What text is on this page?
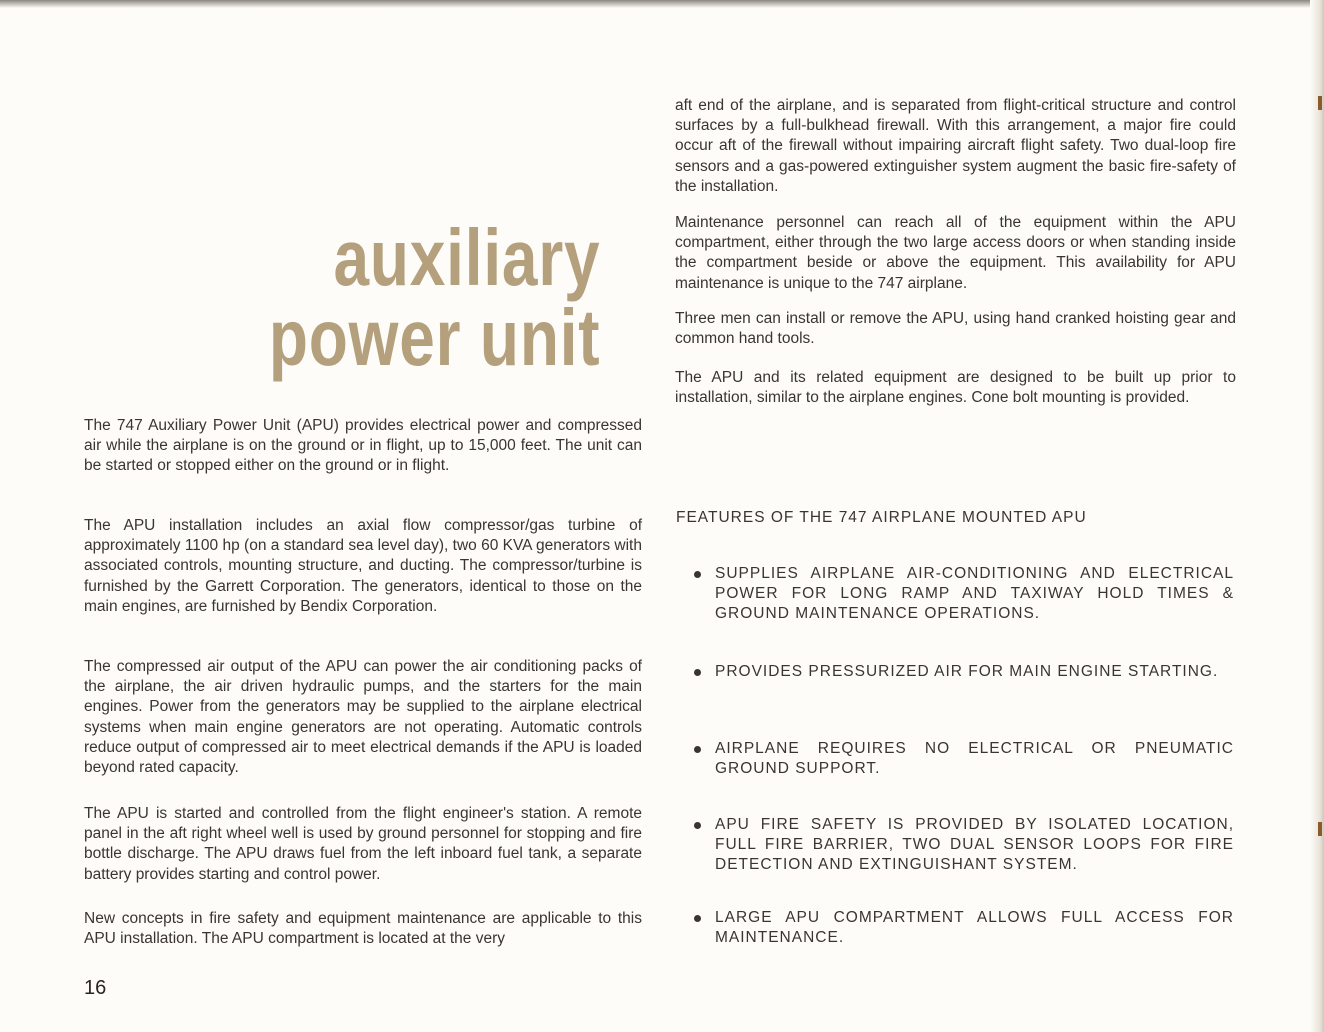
auxiliary
power unit

The 747 Auxiliary Power Unit (APU) provides electrical power and compressed air while the airplane is on the ground or in flight, up to 15,000 feet. The unit can be started or stopped either on the ground or in flight.

The APU installation includes an axial flow compressor/gas turbine of approximately 1100 hp (on a standard sea level day), two 60 KVA generators with associated controls, mounting structure, and ducting. The compressor/turbine is furnished by the Garrett Corporation. The generators, identical to those on the main engines, are furnished by Bendix Corporation.

The compressed air output of the APU can power the air conditioning packs of the airplane, the air driven hydraulic pumps, and the starters for the main engines. Power from the generators may be supplied to the airplane electrical systems when main engine generators are not operating. Automatic controls reduce output of compressed air to meet electrical demands if the APU is loaded beyond rated capacity.

The APU is started and controlled from the flight engineer's station. A remote panel in the aft right wheel well is used by ground personnel for stopping and fire bottle discharge. The APU draws fuel from the left inboard fuel tank, a separate battery provides starting and control power.

New concepts in fire safety and equipment maintenance are applicable to this APU installation. The APU compartment is located at the very

aft end of the airplane, and is separated from flight-critical structure and control surfaces by a full-bulkhead firewall. With this arrangement, a major fire could occur aft of the firewall without impairing aircraft flight safety. Two dual-loop fire sensors and a gas-powered extinguisher system augment the basic fire-safety of the installation.

Maintenance personnel can reach all of the equipment within the APU compartment, either through the two large access doors or when standing inside the compartment beside or above the equipment. This availability for APU maintenance is unique to the 747 airplane.

Three men can install or remove the APU, using hand cranked hoisting gear and common hand tools.

The APU and its related equipment are designed to be built up prior to installation, similar to the airplane engines. Cone bolt mounting is provided.

FEATURES OF THE 747 AIRPLANE MOUNTED APU
SUPPLIES AIRPLANE AIR-CONDITIONING AND ELECTRICAL POWER FOR LONG RAMP AND TAXIWAY HOLD TIMES & GROUND MAINTENANCE OPERATIONS.
PROVIDES PRESSURIZED AIR FOR MAIN ENGINE STARTING.
AIRPLANE REQUIRES NO ELECTRICAL OR PNEUMATIC GROUND SUPPORT.
APU FIRE SAFETY IS PROVIDED BY ISOLATED LOCATION, FULL FIRE BARRIER, TWO DUAL SENSOR LOOPS FOR FIRE DETECTION AND EXTINGUISHANT SYSTEM.
LARGE APU COMPARTMENT ALLOWS FULL ACCESS FOR MAINTENANCE.
16
